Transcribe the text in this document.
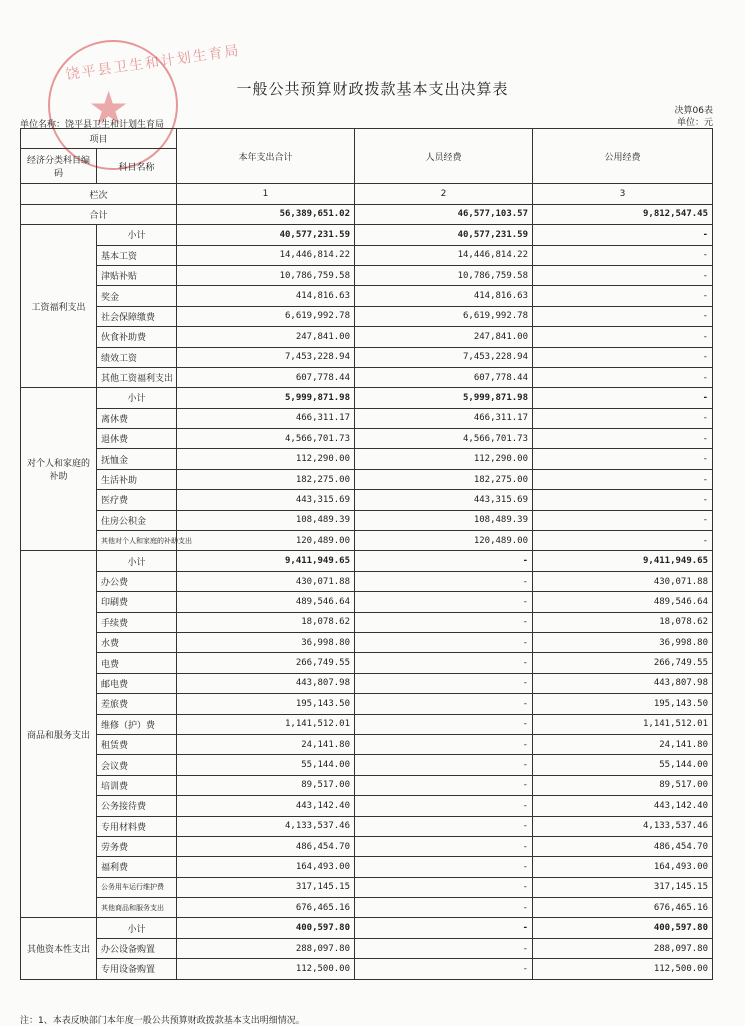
★
饶平县卫生和计划生育局
一般公共预算财政拨款基本支出决算表
决算06表
单位：元
单位名称：饶平县卫生和计划生育局
项目		本年支出合计	人员经费	公用经费
经济分类科目编码	科目名称			
栏次		1	2	3
合计		56,389,651.02	46,577,103.57	9,812,547.45
工资福利支出	小计	40,577,231.59	40,577,231.59	-
	基本工资	14,446,814.22	14,446,814.22	-
	津贴补贴	10,786,759.58	10,786,759.58	-
	奖金	414,816.63	414,816.63	-
	社会保障缴费	6,619,992.78	6,619,992.78	-
	伙食补助费	247,841.00	247,841.00	-
	绩效工资	7,453,228.94	7,453,228.94	-
	其他工资福利支出	607,778.44	607,778.44	-
对个人和家庭的补助	小计	5,999,871.98	5,999,871.98	-
	离休费	466,311.17	466,311.17	-
	退休费	4,566,701.73	4,566,701.73	-
	抚恤金	112,290.00	112,290.00	-
	生活补助	182,275.00	182,275.00	-
	医疗费	443,315.69	443,315.69	-
	住房公积金	108,489.39	108,489.39	-
	其他对个人和家庭的补助支出	120,489.00	120,489.00	-
商品和服务支出	小计	9,411,949.65	-	9,411,949.65
	办公费	430,071.88	-	430,071.88
	印刷费	489,546.64	-	489,546.64
	手续费	18,078.62	-	18,078.62
	水费	36,998.80	-	36,998.80
	电费	266,749.55	-	266,749.55
	邮电费	443,807.98	-	443,807.98
	差旅费	195,143.50	-	195,143.50
	维修（护）费	1,141,512.01	-	1,141,512.01
	租赁费	24,141.80	-	24,141.80
	会议费	55,144.00	-	55,144.00
	培训费	89,517.00	-	89,517.00
	公务接待费	443,142.40	-	443,142.40
	专用材料费	4,133,537.46	-	4,133,537.46
	劳务费	486,454.70	-	486,454.70
	福利费	164,493.00	-	164,493.00
	公务用车运行维护费	317,145.15	-	317,145.15
	其他商品和服务支出	676,465.16	-	676,465.16
其他资本性支出	小计	400,597.80	-	400,597.80
	办公设备购置	288,097.80	-	288,097.80
	专用设备购置	112,500.00	-	112,500.00
注：1、本表反映部门本年度一般公共预算财政拨款基本支出明细情况。
